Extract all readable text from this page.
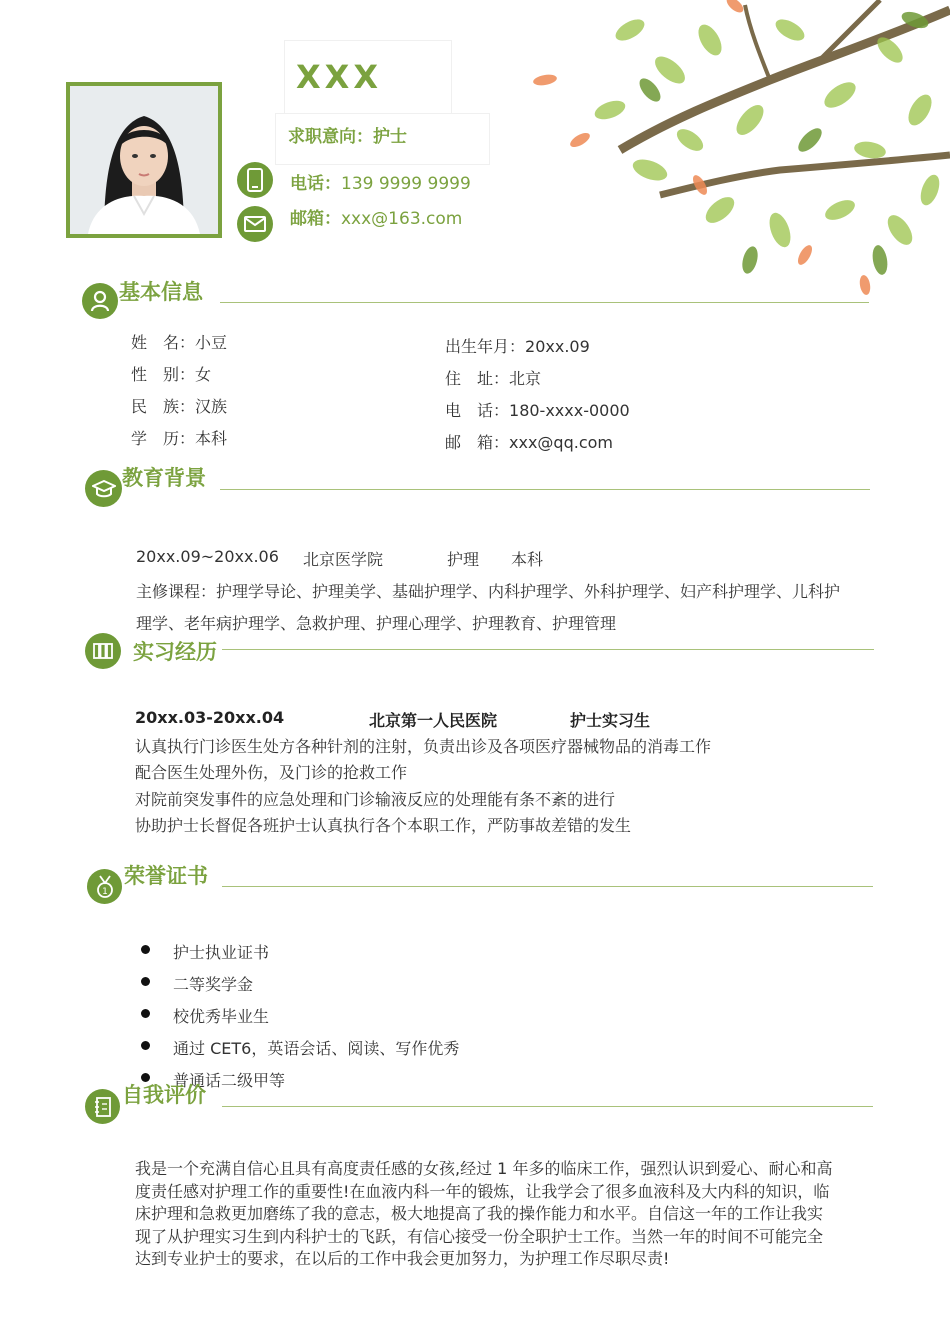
XXX
求职意向：护士
电话：139 9999 9999
邮箱：xxx@163.com
基本信息
姓　名：小豆
性　别：女
民　族：汉族
学　历：本科
出生年月：20xx.09
住　址：北京
电　话：180-xxxx-0000
邮　箱：xxx@qq.com
教育背景
20xx.09~20xx.06 北京医学院	护理 本科
主修课程：护理学导论、护理美学、基础护理学、内科护理学、外科护理学、妇产科护理学、儿科护
理学、老年病护理学、急救护理、护理心理学、护理教育、护理管理
实习经历
20xx.03-20xx.04	北京第一人民医院	护士实习生
认真执行门诊医生处方各种针剂的注射，负责出诊及各项医疗器械物品的消毒工作
配合医生处理外伤，及门诊的抢救工作
对院前突发事件的应急处理和门诊输液反应的处理能有条不紊的进行
协助护士长督促各班护士认真执行各个本职工作，严防事故差错的发生
1
荣誉证书
护士执业证书
二等奖学金
校优秀毕业生
通过 CET6，英语会话、阅读、写作优秀
普通话二级甲等
自我评价
我是一个充满自信心且具有高度责任感的女孩,经过 1 年多的临床工作，强烈认识到爱心、耐心和高
度责任感对护理工作的重要性!在血液内科一年的锻炼，让我学会了很多血液科及大内科的知识，临
床护理和急救更加磨练了我的意志，极大地提高了我的操作能力和水平。自信这一年的工作让我实
现了从护理实习生到内科护士的飞跃，有信心接受一份全职护士工作。当然一年的时间不可能完全
达到专业护士的要求，在以后的工作中我会更加努力，为护理工作尽职尽责!
